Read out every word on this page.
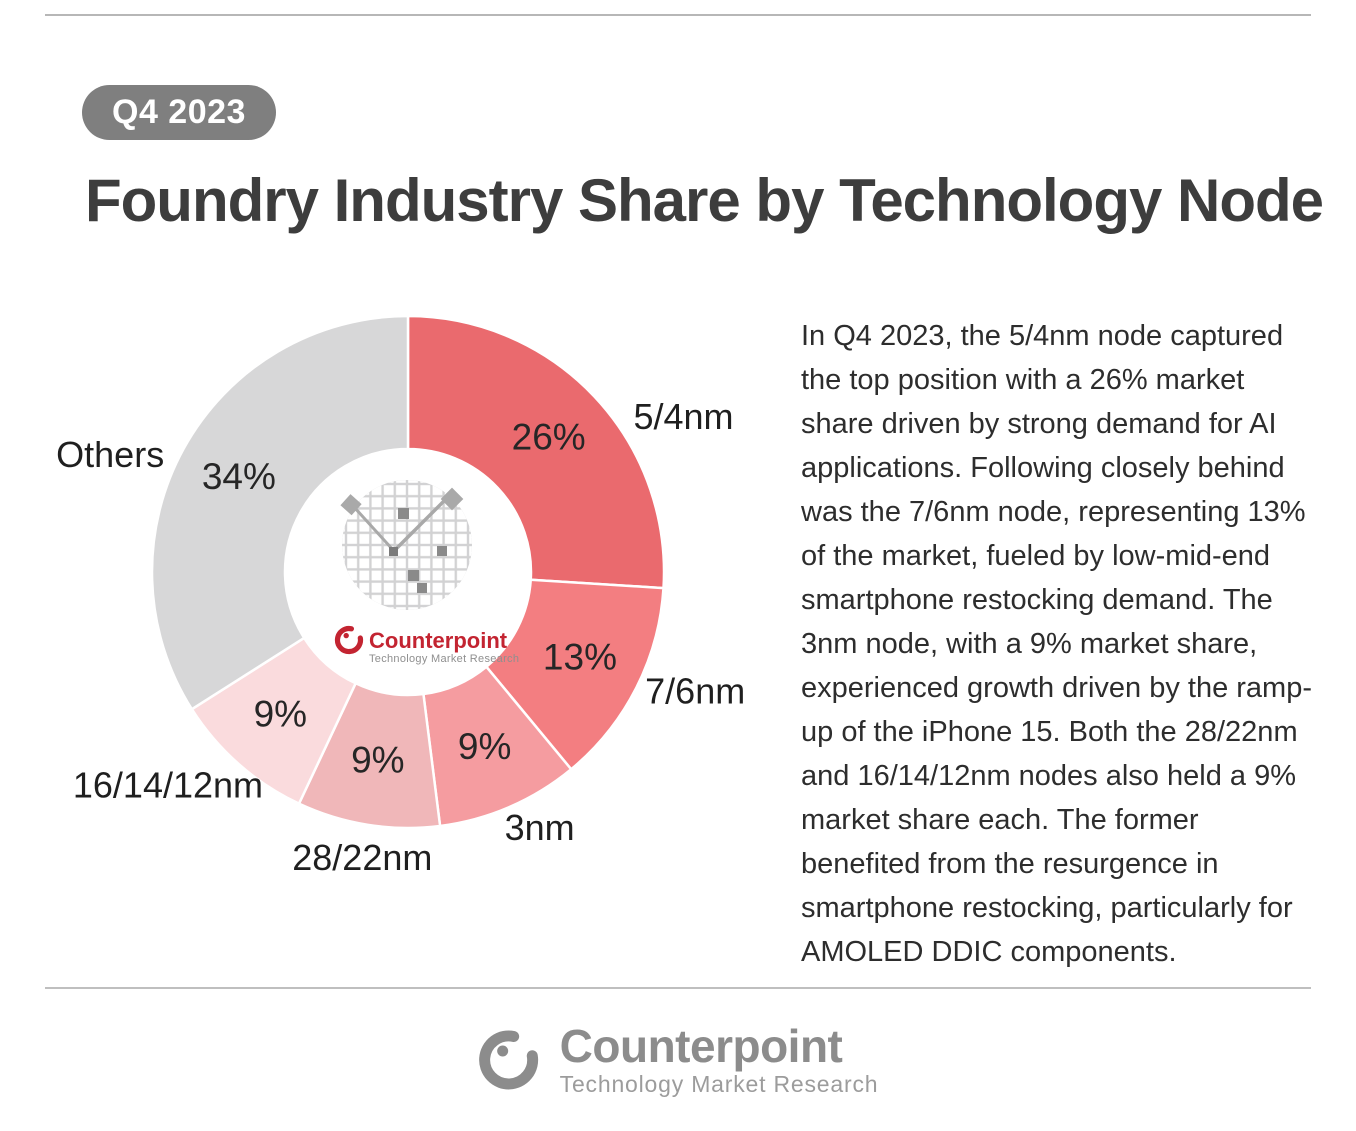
Q4 2023
Foundry Industry Share by Technology Node
26%
5/4nm
13%
7/6nm
9%
3nm
9%
28/22nm
9%
16/14/12nm
34%
Others
Counterpoint
Technology Market Research
In Q4 2023, the 5/4nm node captured the top position with a 26% market share driven by strong demand for AI applications. Following closely behind was the 7/6nm node, representing 13% of the market, fueled by low-mid-end smartphone restocking demand. The 3nm node, with a 9% market share, experienced growth driven by the ramp-up of the iPhone 15. Both the 28/22nm and 16/14/12nm nodes also held a 9% market share each. The former benefited from the resurgence in smartphone restocking, particularly for AMOLED DDIC components.
Counterpoint
Technology Market Research
